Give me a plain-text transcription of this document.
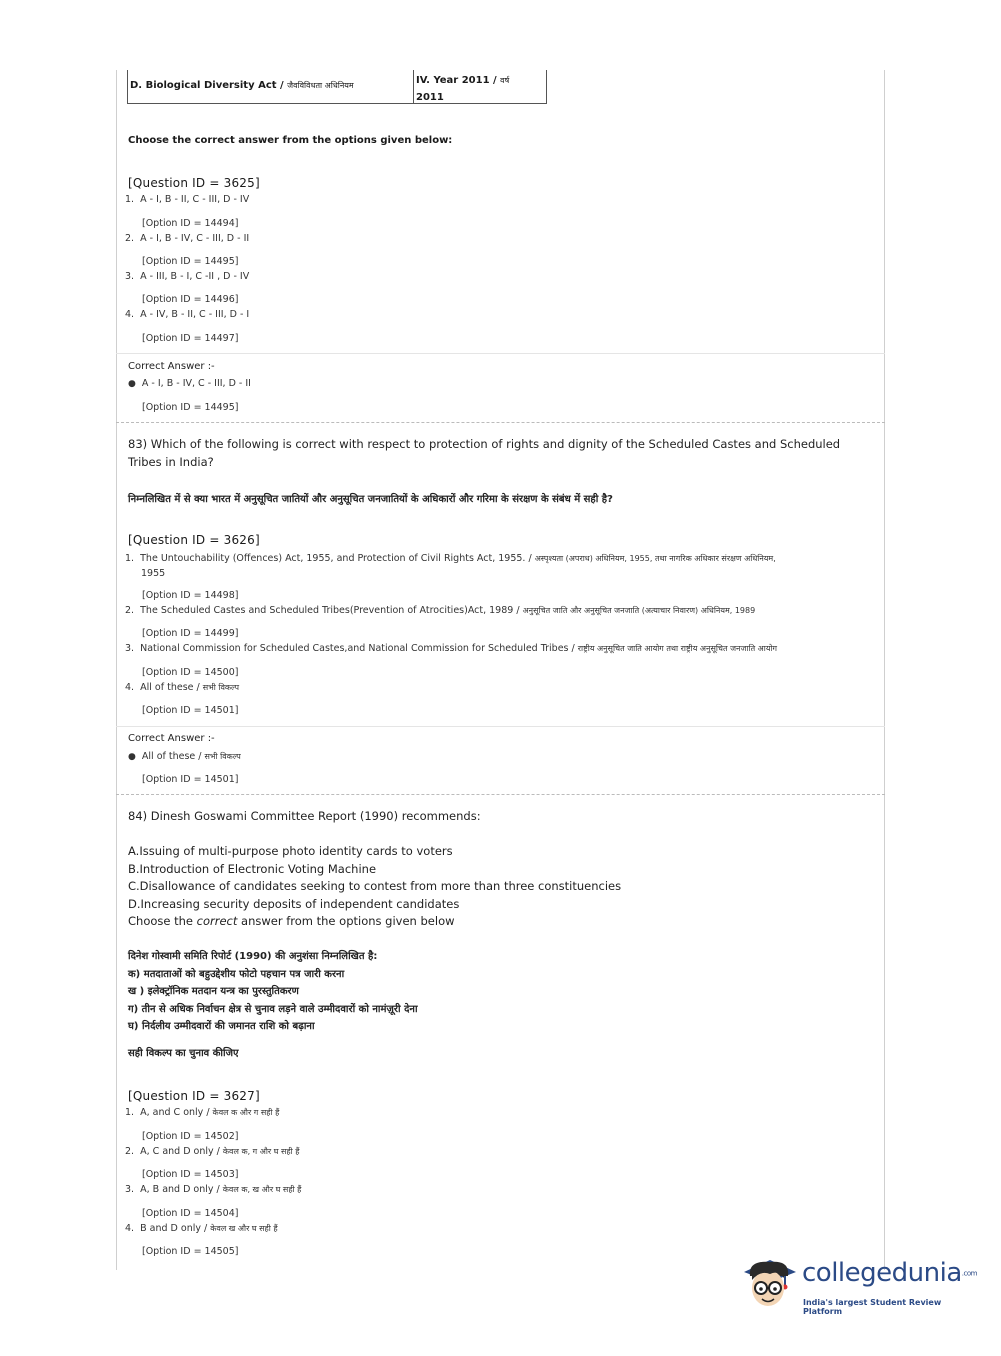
D. Biological Diversity Act / जैवविविधता अधिनियम	IV. Year 2011 / वर्ष
2011
Choose the correct answer from the options given below:
[Question ID = 3625]
1. A - I, B - II, C - III, D - IV
[Option ID = 14494]
2. A - I, B - IV, C - III, D - II
[Option ID = 14495]
3. A - III, B - I, C -II , D - IV
[Option ID = 14496]
4. A - IV, B - II, C - III, D - I
[Option ID = 14497]
Correct Answer :-
● A - I, B - IV, C - III, D - II
[Option ID = 14495]
83) Which of the following is correct with respect to protection of rights and dignity of the Scheduled Castes and Scheduled
Tribes in India?
निम्नलिखित में से क्या भारत में अनुसूचित जातियों और अनुसूचित जनजातियों के अधिकारों और गरिमा के संरक्षण के संबंध में सही है?
[Question ID = 3626]
1. The Untouchability (Offences) Act, 1955, and Protection of Civil Rights Act, 1955. / अस्पृश्यता (अपराध) अधिनियम, 1955, तथा नागरिक अधिकार संरक्षण अधिनियम,
1955
[Option ID = 14498]
2. The Scheduled Castes and Scheduled Tribes(Prevention of Atrocities)Act, 1989 / अनुसूचित जाति और अनुसूचित जनजाति (अत्याचार निवारण) अधिनियम, 1989
[Option ID = 14499]
3. National Commission for Scheduled Castes,and National Commission for Scheduled Tribes / राष्ट्रीय अनुसूचित जाति आयोग तथा राष्ट्रीय अनुसूचित जनजाति आयोग
[Option ID = 14500]
4. All of these / सभी विकल्प
[Option ID = 14501]
Correct Answer :-
● All of these / सभी विकल्प
[Option ID = 14501]
84) Dinesh Goswami Committee Report (1990) recommends:
A.Issuing of multi-purpose photo identity cards to voters
B.Introduction of Electronic Voting Machine
C.Disallowance of candidates seeking to contest from more than three constituencies
D.Increasing security deposits of independent candidates
Choose the correct answer from the options given below
दिनेश गोस्वामी समिति रिपोर्ट (1990) की अनुशंसा निम्नलिखित है:
क) मतदाताओं को बहुउद्देशीय फोटो पहचान पत्र जारी करना
ख ) इलेक्ट्रॉनिक मतदान यन्त्र का पुरस्तुतिकरण
ग) तीन से अधिक निर्वाचन क्षेत्र से चुनाव लड़ने वाले उम्मीदवारों को नामंज़ूरी देना
घ) निर्दलीय उम्मीदवारों की जमानत राशि को बढ़ाना
सही विकल्प का चुनाव कीजिए
[Question ID = 3627]
1. A, and C only / केवल क और ग सही हैं
[Option ID = 14502]
2. A, C and D only / केवल क, ग और घ सही हैं
[Option ID = 14503]
3. A, B and D only / केवल क, ख और घ सही हैं
[Option ID = 14504]
4. B and D only / केवल ख और घ सही हैं
[Option ID = 14505]
collegedunia.com
India's largest Student Review Platform
